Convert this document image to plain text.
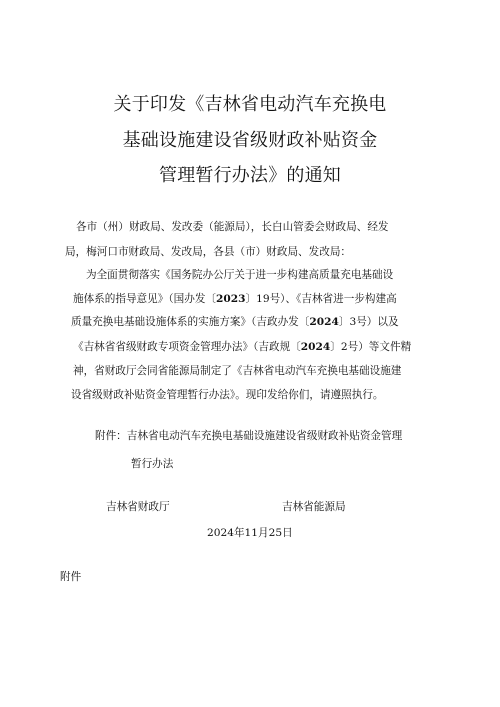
关于印发《吉林省电动汽车充换电
基础设施建设省级财政补贴资金
管理暂行办法》的通知
各市（州）财政局、发改委（能源局），长白山管委会财政局、经发
局，梅河口市财政局、发改局，各县（市）财政局、发改局：
为全面贯彻落实《国务院办公厅关于进一步构建高质量充电基础设
施体系的指导意见》（国办发〔2023〕19号）、《吉林省进一步构建高
质量充换电基础设施体系的实施方案》（吉政办发〔2024〕3号）以及
《吉林省省级财政专项资金管理办法》（吉政规〔2024〕2号）等文件精
神，省财政厅会同省能源局制定了《吉林省电动汽车充换电基础设施建
设省级财政补贴资金管理暂行办法》。现印发给你们，请遵照执行。
附件：吉林省电动汽车充换电基础设施建设省级财政补贴资金管理
暂行办法
吉林省财政厅	吉林省能源局
2024年11月25日
附件
